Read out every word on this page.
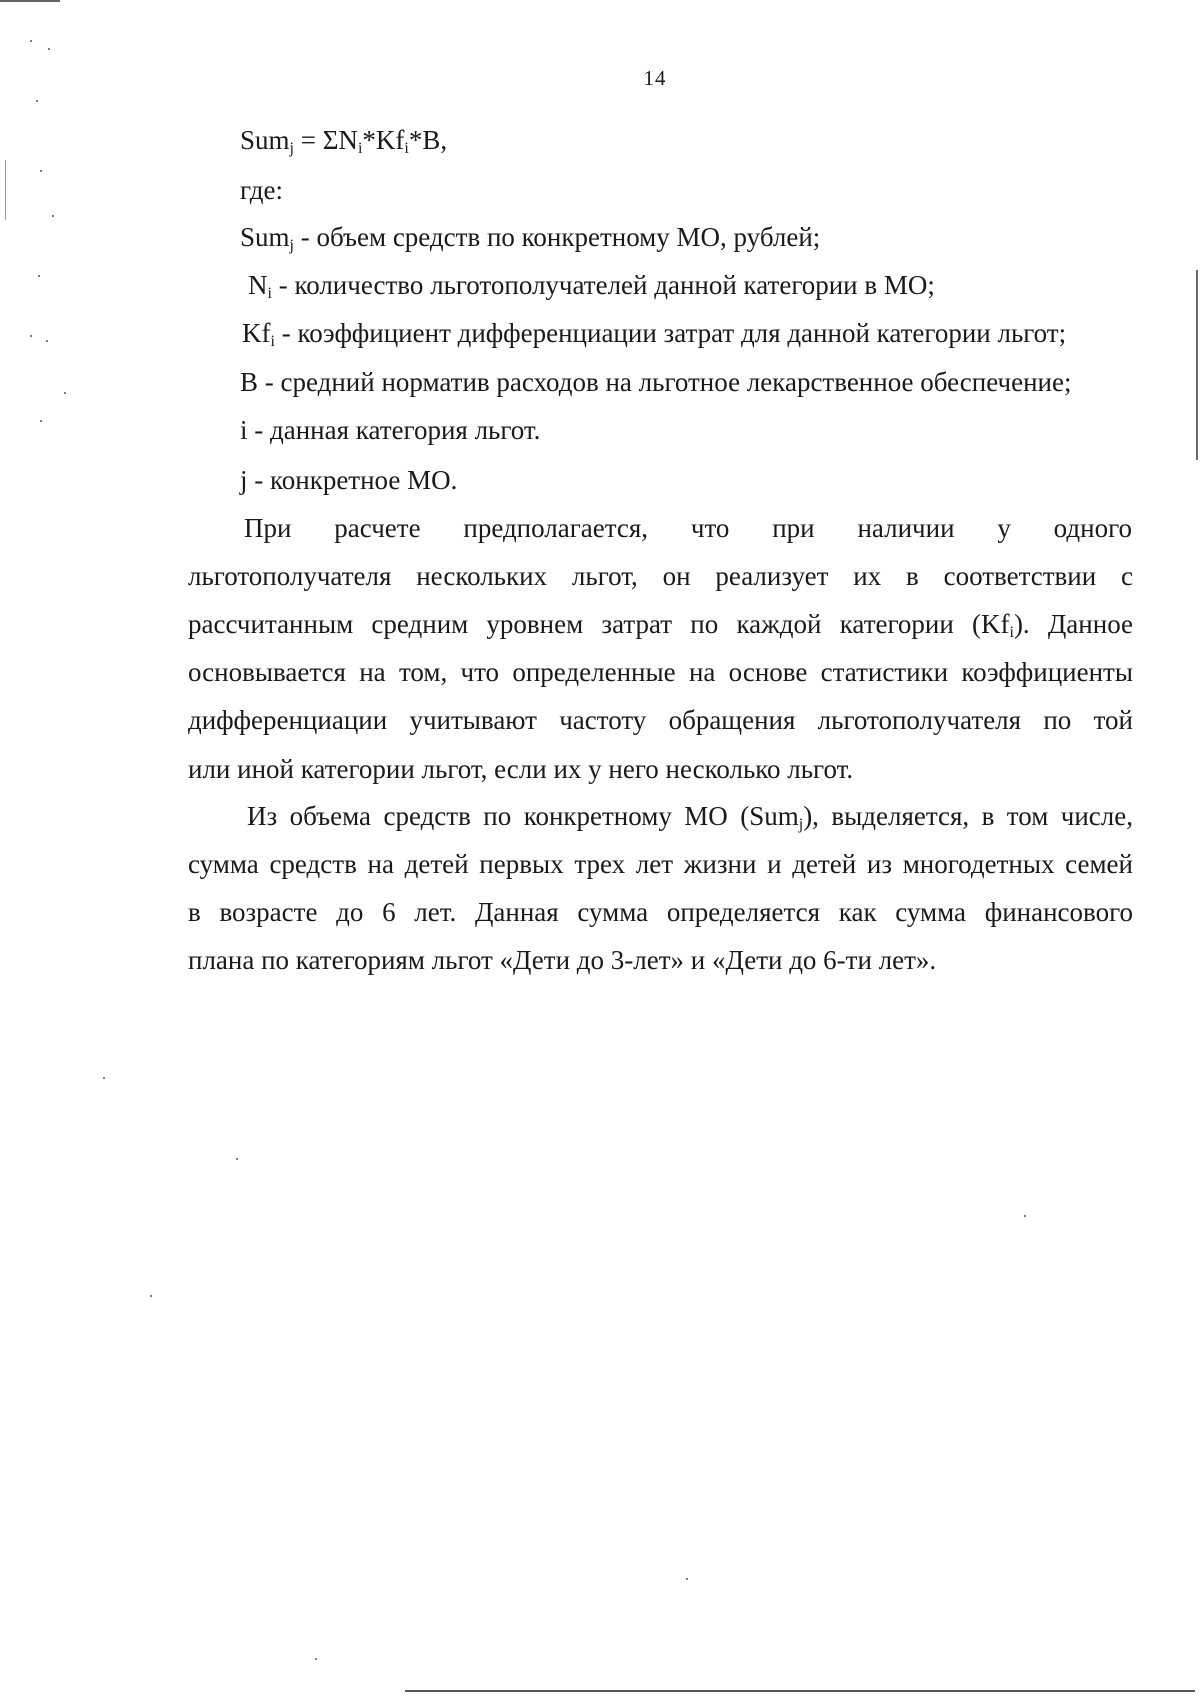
14
$Sum_j = \Sigma N_i*Kf_i*B$,
где:
Sum$_j$ - объем средств по конкретному МО, рублей;
$N_i$ - количество льготополучателей данной категории в МО;
$Kf_i$ - коэффициент дифференциации затрат для данной категории льгот;
B - средний норматив расходов на льготное лекарственное обеспечение;
i - данная категория льгот.
j - конкретное МО.
При расчете предполагается, что при наличии у одного
льготополучателя нескольких льгот, он реализует их в соответствии с
рассчитанным средним уровнем затрат по каждой категории $(Kf_i)$. Данное
основывается на том, что определенные на основе статистики коэффициенты
дифференциации учитывают частоту обращения льготополучателя по той
или иной категории льгот, если их у него несколько льгот.
Из объема средств по конкретному МО (Sum$_j$), выделяется, в том числе,
сумма средств на детей первых трех лет жизни и детей из многодетных семей
в возрасте до 6 лет. Данная сумма определяется как сумма финансового
плана по категориям льгот «Дети до 3-лет» и «Дети до 6-ти лет».
